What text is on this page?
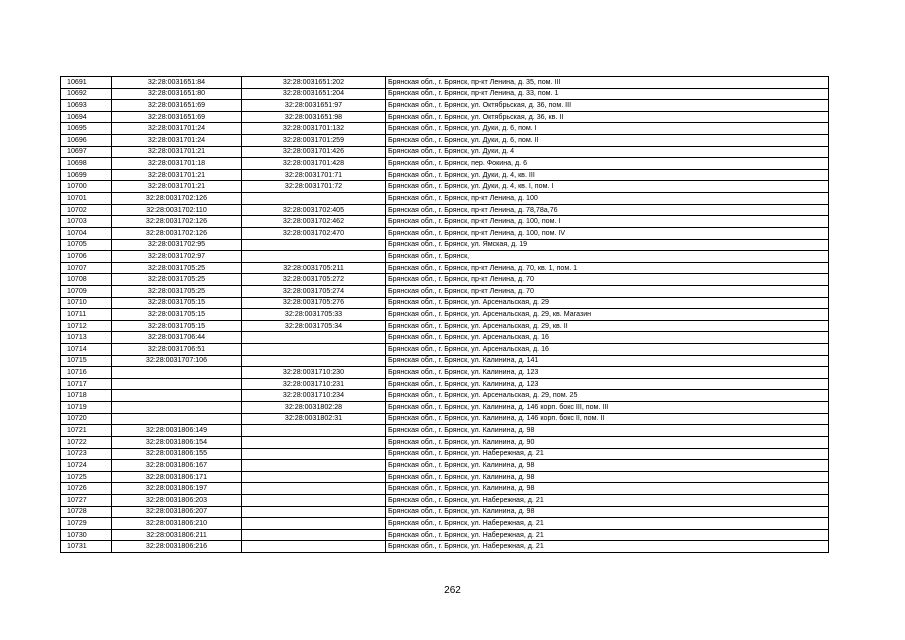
10691	32:28:0031651:84	32:28:0031651:202	Брянская обл., г. Брянск, пр-кт Ленина, д. 35, пом. III
10692	32:28:0031651:80	32:28:0031651:204	Брянская обл., г. Брянск, пр-кт Ленина, д. 33, пом. 1
10693	32:28:0031651:69	32:28:0031651:97	Брянская обл., г. Брянск, ул. Октябрьская, д. 36, пом. III
10694	32:28:0031651:69	32:28:0031651:98	Брянская обл., г. Брянск, ул. Октябрьская, д. 36, кв. II
10695	32:28:0031701:24	32:28:0031701:132	Брянская обл., г. Брянск, ул. Дуки, д. 6, пом. I
10696	32:28:0031701:24	32:28:0031701:259	Брянская обл., г. Брянск, ул. Дуки, д. 6, пом. II
10697	32:28:0031701:21	32:28:0031701:426	Брянская обл., г. Брянск, ул. Дуки, д. 4
10698	32:28:0031701:18	32:28:0031701:428	Брянская обл., г. Брянск, пер. Фокина, д. 6
10699	32:28:0031701:21	32:28:0031701:71	Брянская обл., г. Брянск, ул. Дуки, д. 4, кв. III
10700	32:28:0031701:21	32:28:0031701:72	Брянская обл., г. Брянск, ул. Дуки, д. 4, кв. I, пом. I
10701	32:28:0031702:126		Брянская обл., г. Брянск, пр-кт Ленина, д. 100
10702	32:28:0031702:110	32:28:0031702:405	Брянская обл., г. Брянск, пр-кт Ленина, д. 78,78а,76
10703	32:28:0031702:126	32:28:0031702:462	Брянская обл., г. Брянск, пр-кт Ленина, д. 100, пом. I
10704	32:28:0031702:126	32:28:0031702:470	Брянская обл., г. Брянск, пр-кт Ленина, д. 100, пом. IV
10705	32:28:0031702:95		Брянская обл., г. Брянск, ул. Ямская, д. 19
10706	32:28:0031702:97		Брянская обл., г. Брянск,
10707	32:28:0031705:25	32:28:0031705:211	Брянская обл., г. Брянск, пр-кт Ленина, д. 70, кв. 1, пом. 1
10708	32:28:0031705:25	32:28:0031705:272	Брянская обл., г. Брянск, пр-кт Ленина, д. 70
10709	32:28:0031705:25	32:28:0031705:274	Брянская обл., г. Брянск, пр-кт Ленина, д. 70
10710	32:28:0031705:15	32:28:0031705:276	Брянская обл., г. Брянск, ул. Арсенальская, д. 29
10711	32:28:0031705:15	32:28:0031705:33	Брянская обл., г. Брянск, ул. Арсенальская, д. 29, кв. Магазин
10712	32:28:0031705:15	32:28:0031705:34	Брянская обл., г. Брянск, ул. Арсенальская, д. 29, кв. II
10713	32:28:0031706:44		Брянская обл., г. Брянск, ул. Арсенальская, д. 16
10714	32:28:0031706:51		Брянская обл., г. Брянск, ул. Арсенальская, д. 16
10715	32:28:0031707:106		Брянская обл., г. Брянск, ул. Калинина, д. 141
10716		32:28:0031710:230	Брянская обл., г. Брянск, ул. Калинина, д. 123
10717		32:28:0031710:231	Брянская обл., г. Брянск, ул. Калинина, д. 123
10718		32:28:0031710:234	Брянская обл., г. Брянск, ул. Арсенальская, д. 29, пом. 25
10719		32:28:0031802:28	Брянская обл., г. Брянск, ул. Калинина, д. 146 корп. бокс III, пом. III
10720		32:28:0031802:31	Брянская обл., г. Брянск, ул. Калинина, д. 146 корп. бокс II, пом. II
10721	32:28:0031806:149		Брянская обл., г. Брянск, ул. Калинина, д. 98
10722	32:28:0031806:154		Брянская обл., г. Брянск, ул. Калинина, д. 90
10723	32:28:0031806:155		Брянская обл., г. Брянск, ул. Набережная, д. 21
10724	32:28:0031806:167		Брянская обл., г. Брянск, ул. Калинина, д. 98
10725	32:28:0031806:171		Брянская обл., г. Брянск, ул. Калинина, д. 98
10726	32:28:0031806:197		Брянская обл., г. Брянск, ул. Калинина, д. 98
10727	32:28:0031806:203		Брянская обл., г. Брянск, ул. Набережная, д. 21
10728	32:28:0031806:207		Брянская обл., г. Брянск, ул. Калинина, д. 98
10729	32:28:0031806:210		Брянская обл., г. Брянск, ул. Набережная, д. 21
10730	32:28:0031806:211		Брянская обл., г. Брянск, ул. Набережная, д. 21
10731	32:28:0031806:216		Брянская обл., г. Брянск, ул. Набережная, д. 21
262
